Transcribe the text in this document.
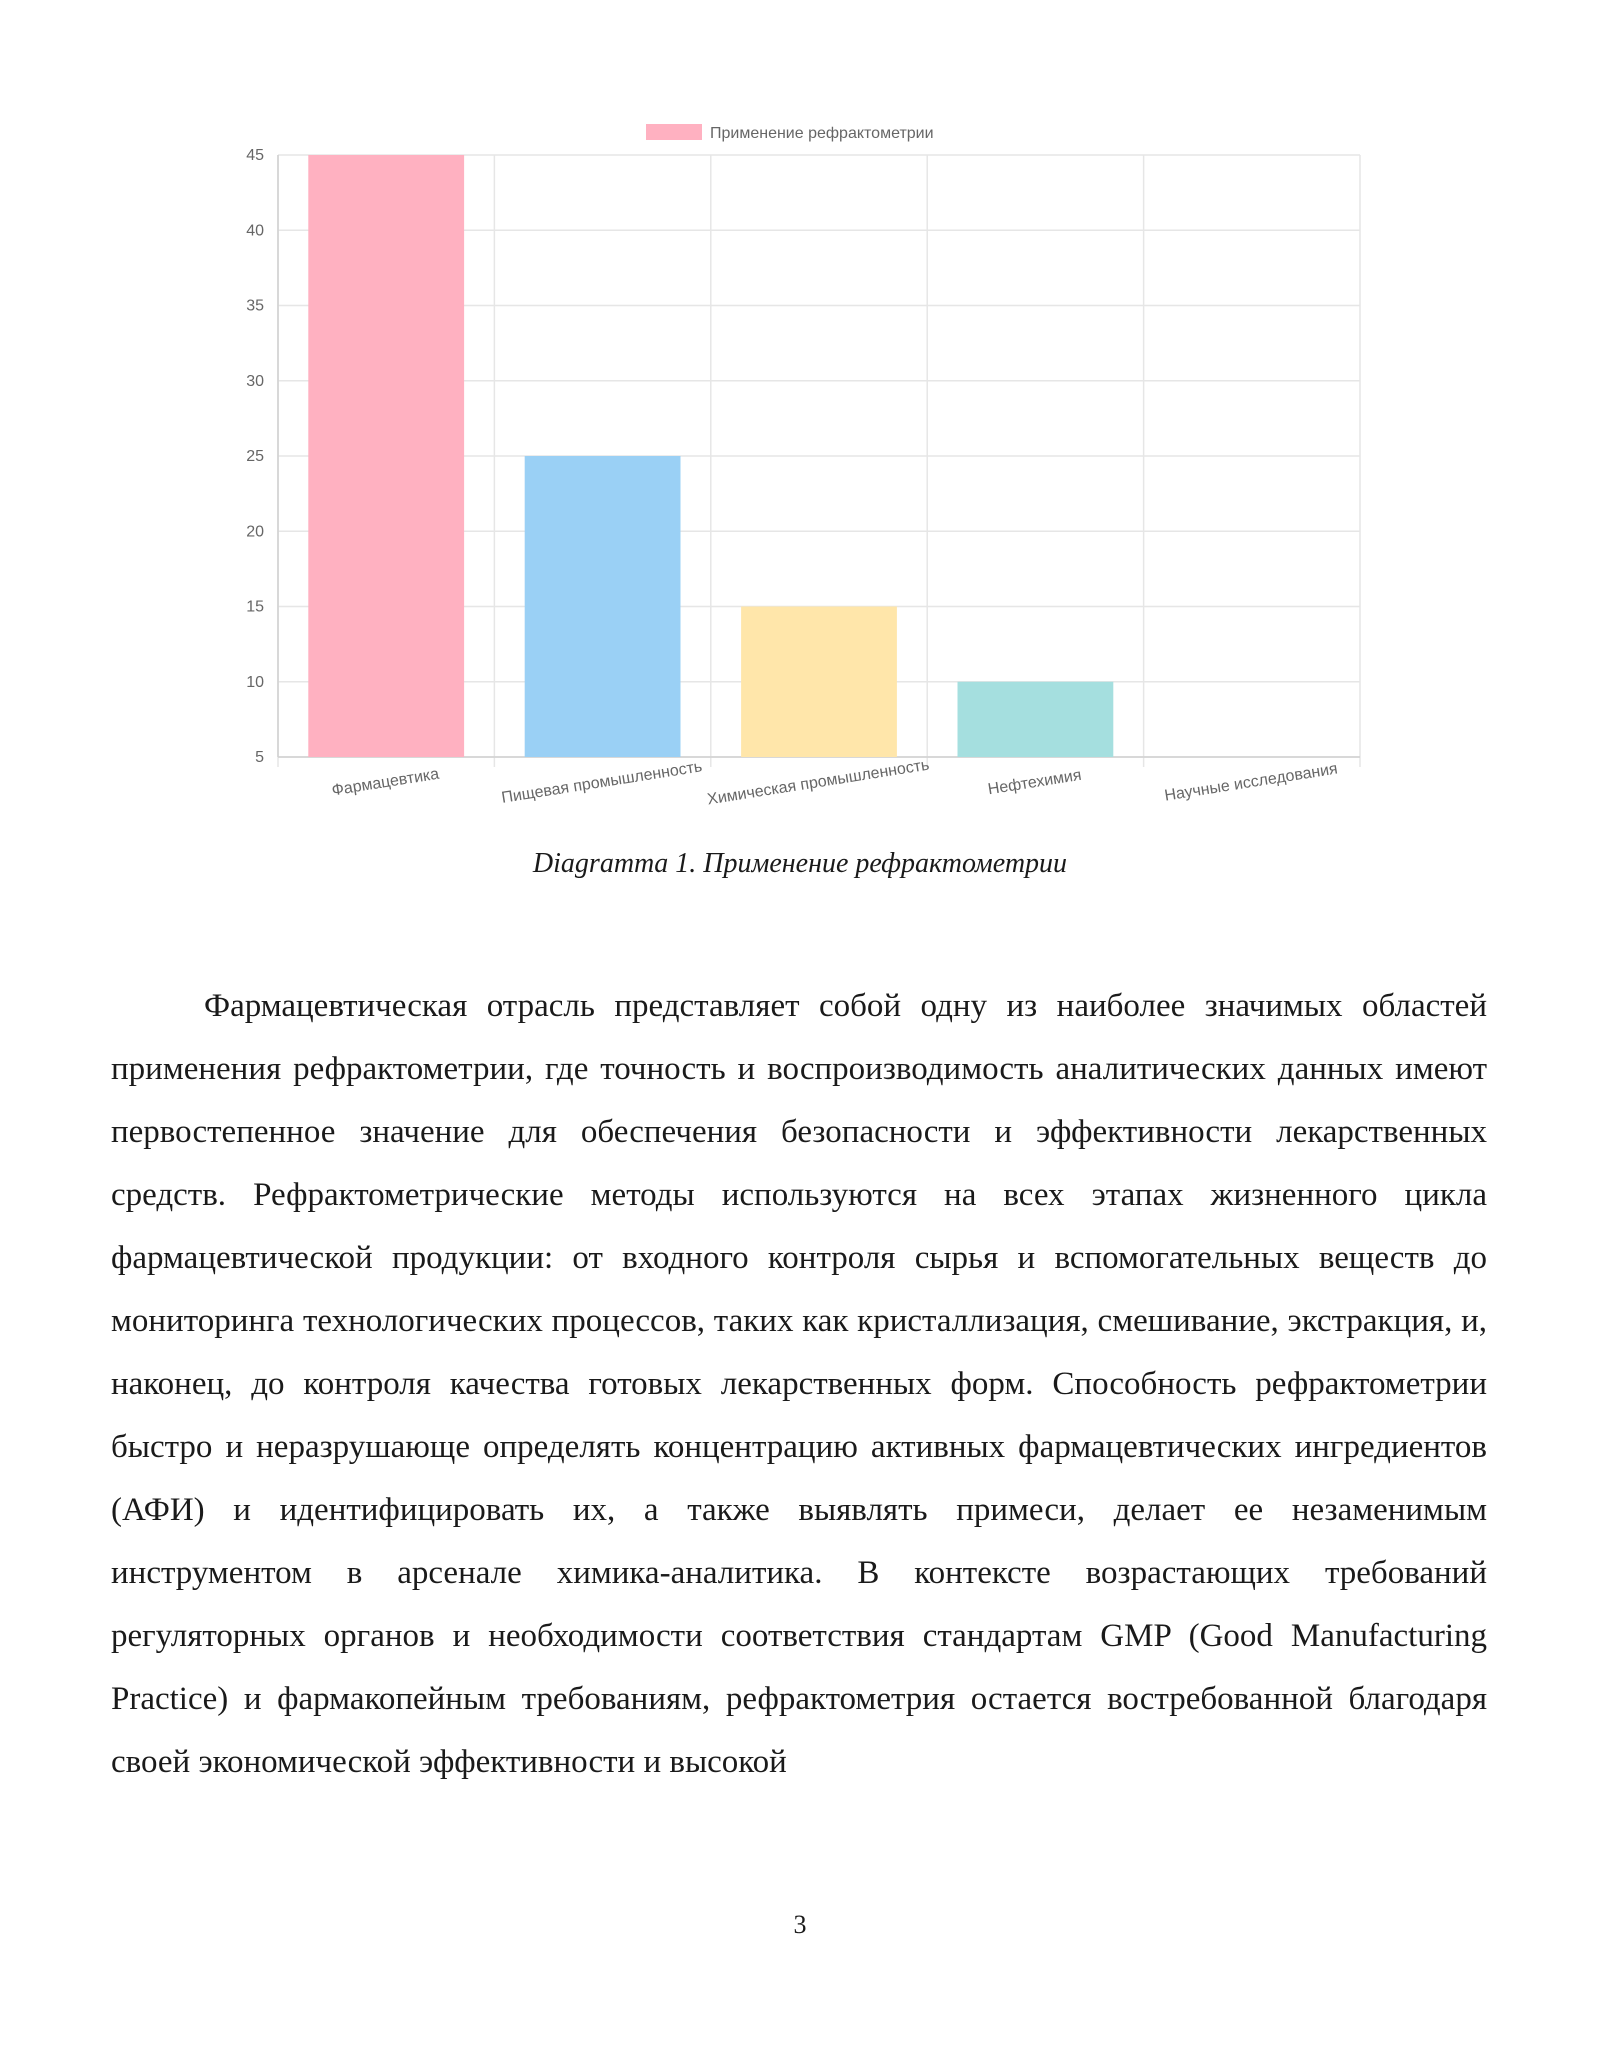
5
10
15
20
25
30
35
40
45
Фармацевтика	Пищевая промышленность Химическая промышленность	Нефтехимия	Научные исследования
Применение рефрактометрии
Diagramma 1. Применение рефрактометрии

Фармацевтическая отрасль представляет собой одну из наиболее значимых областей применения рефрактометрии, где точность и воспроизводимость аналитических данных имеют первостепенное значение для обеспечения безопасности и эффективности лекарственных средств. Рефрактометрические методы используются на всех этапах жизненного цикла фармацевтической продукции: от входного контроля сырья и вспомогательных веществ до мониторинга технологических процессов, таких как кристаллизация, смешивание, экстракция, и, наконец, до контроля качества готовых лекарственных форм. Способность рефрактометрии быстро и неразрушающе определять концентрацию активных фармацевтических ингредиентов (АФИ) и идентифицировать их, а также выявлять примеси, делает ее незаменимым инструментом в арсенале химика-аналитика. В контексте возрастающих требований регуляторных органов и необходимости соответствия стандартам GMP (Good Manufacturing Practice) и фармакопейным требованиям, рефрактометрия остается востребованной благодаря своей экономической эффективности и высокой

3
